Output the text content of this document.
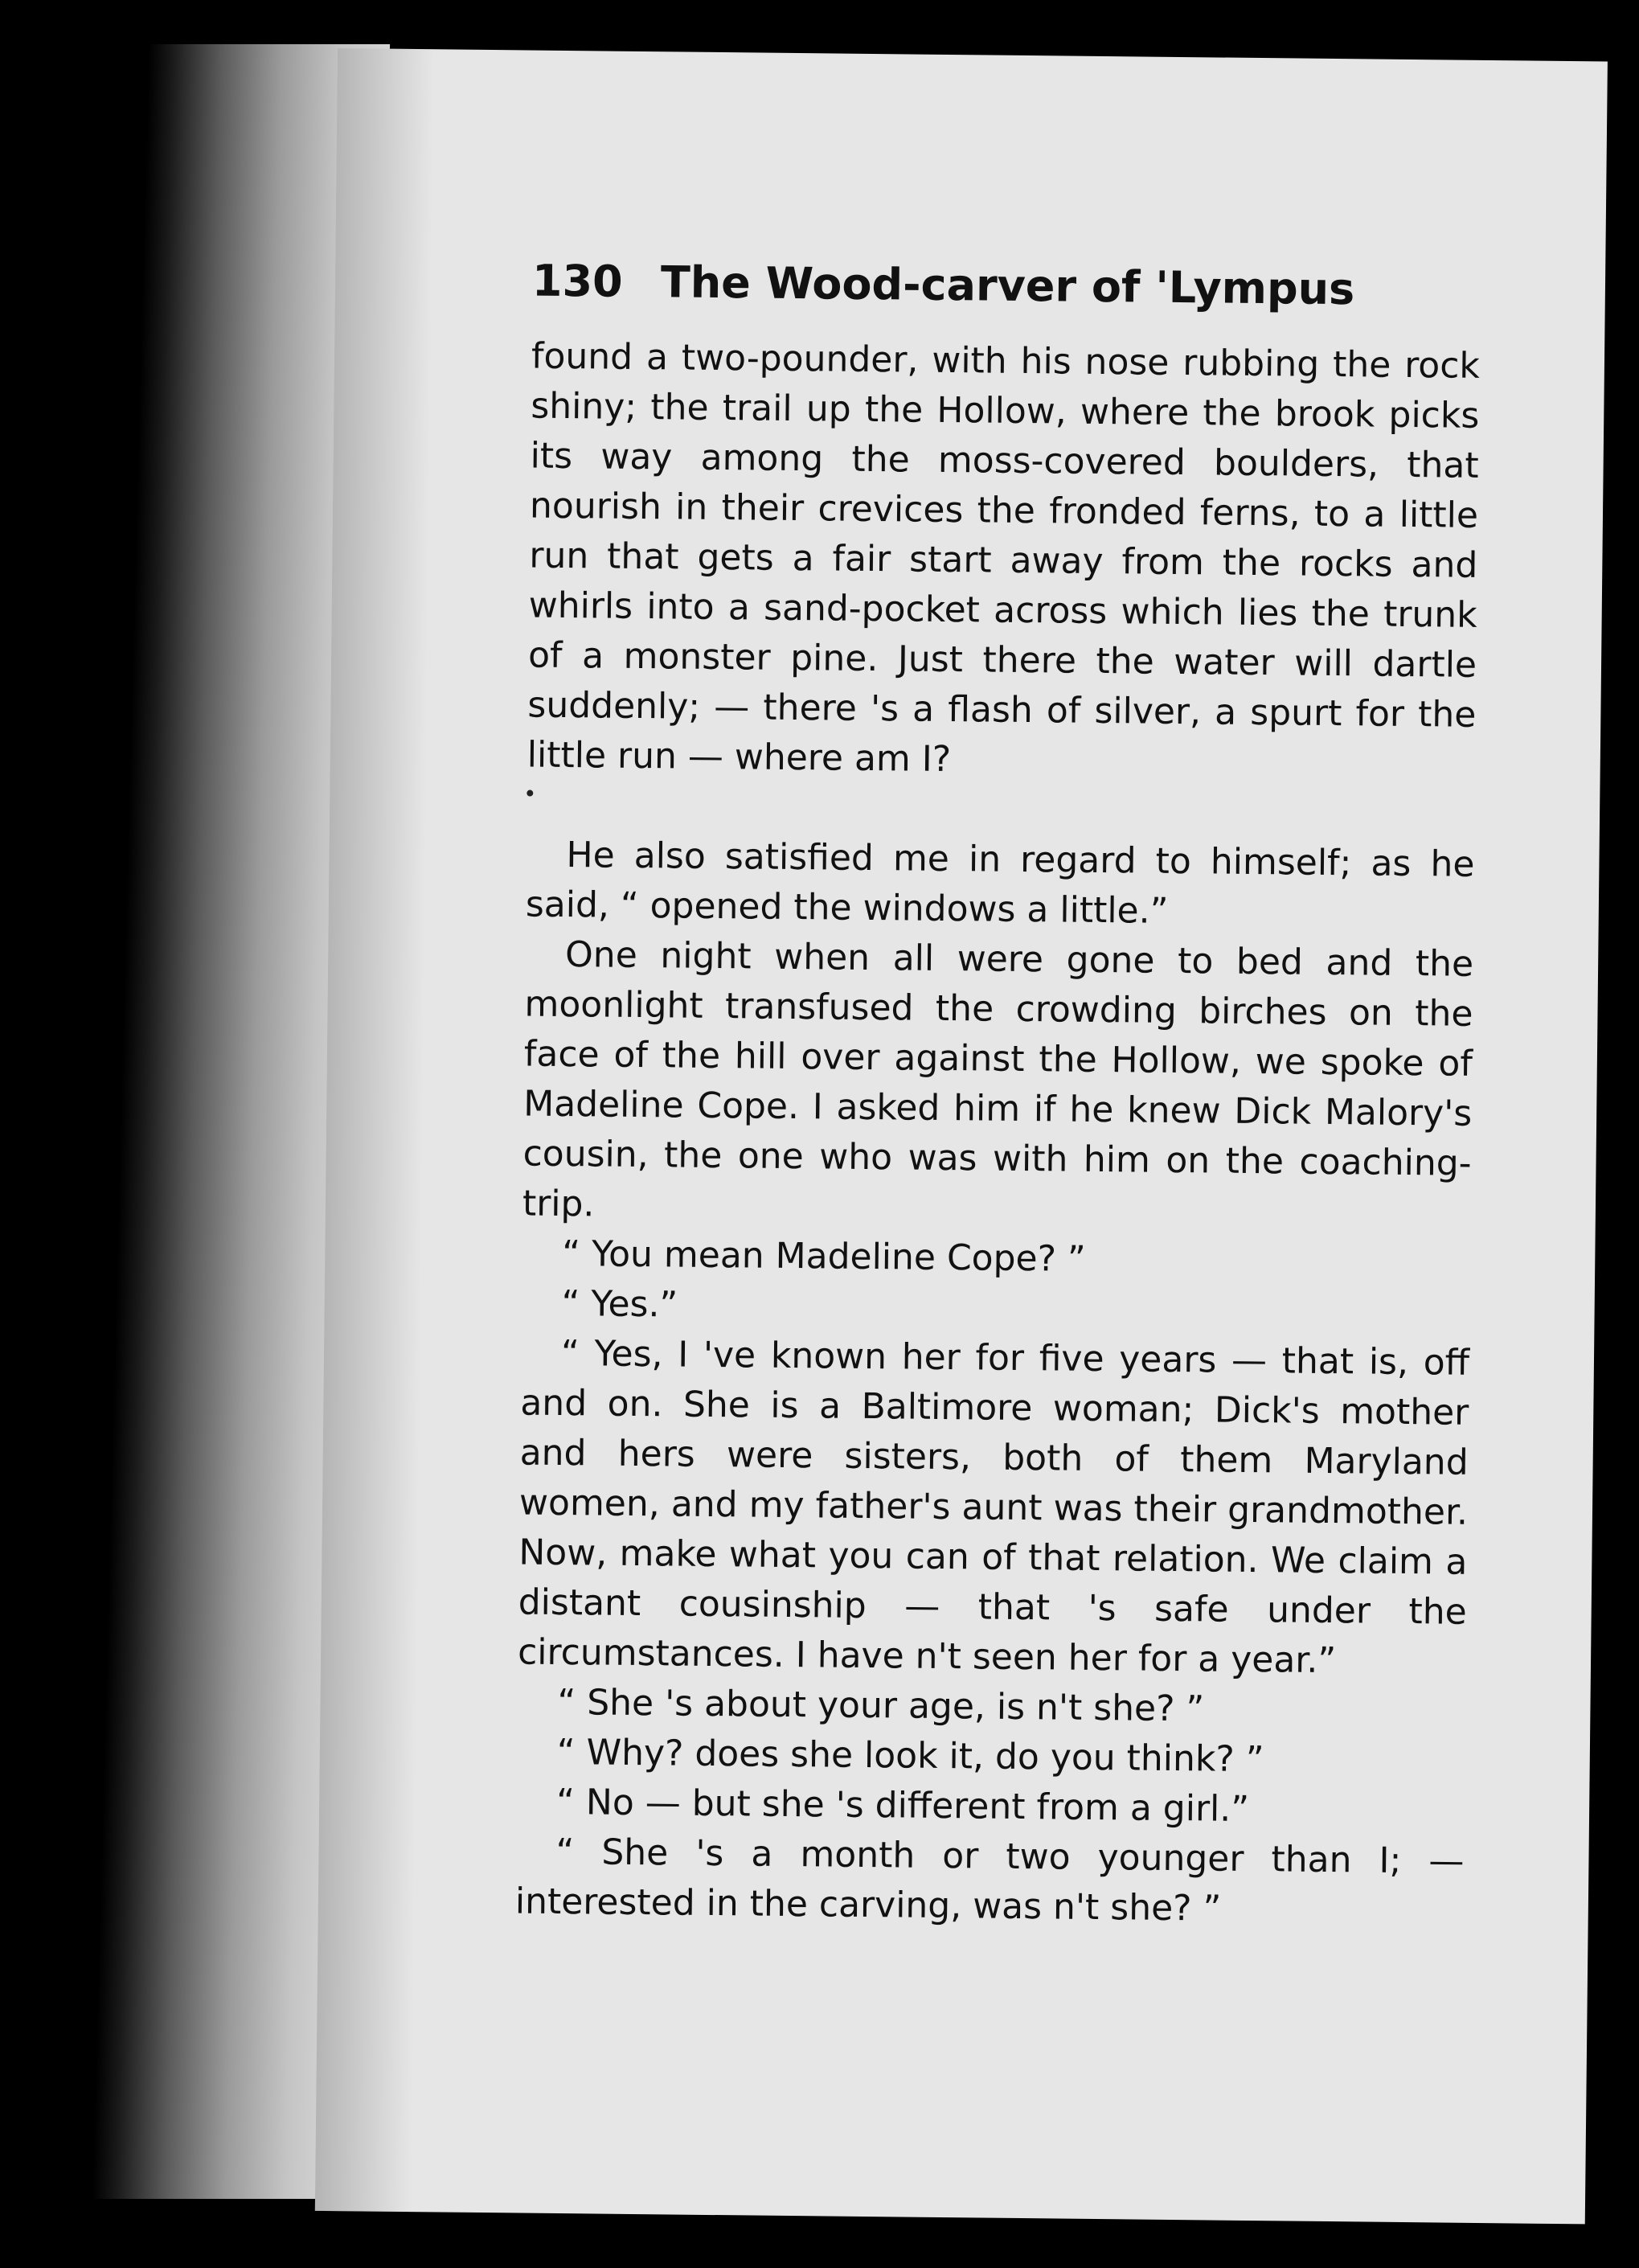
130 The Wood-carver of 'Lympus

found a two-pounder, with his nose rubbing the rock shiny; the trail up the Hollow, where the brook picks its way among the moss-covered boulders, that nourish in their crevices the fronded ferns, to a little run that gets a fair start away from the rocks and whirls into a sand-pocket across which lies the trunk of a monster pine. Just there the water will dartle suddenly; — there 's a flash of silver, a spurt for the little run — where am I?

He also satisfied me in regard to himself; as he said, “ opened the windows a little.”

One night when all were gone to bed and the moonlight transfused the crowding birches on the face of the hill over against the Hollow, we spoke of Madeline Cope. I asked him if he knew Dick Malory's cousin, the one who was with him on the coaching-trip.

“ You mean Madeline Cope? ”

“ Yes.”

“ Yes, I 've known her for five years — that is, off and on. She is a Baltimore woman; Dick's mother and hers were sisters, both of them Maryland women, and my father's aunt was their grandmother. Now, make what you can of that relation. We claim a distant cousinship — that 's safe under the circumstances. I have n't seen her for a year.”

“ She 's about your age, is n't she? ”

“ Why? does she look it, do you think? ”

“ No — but she 's different from a girl.”

“ She 's a month or two younger than I; — interested in the carving, was n't she? ”
